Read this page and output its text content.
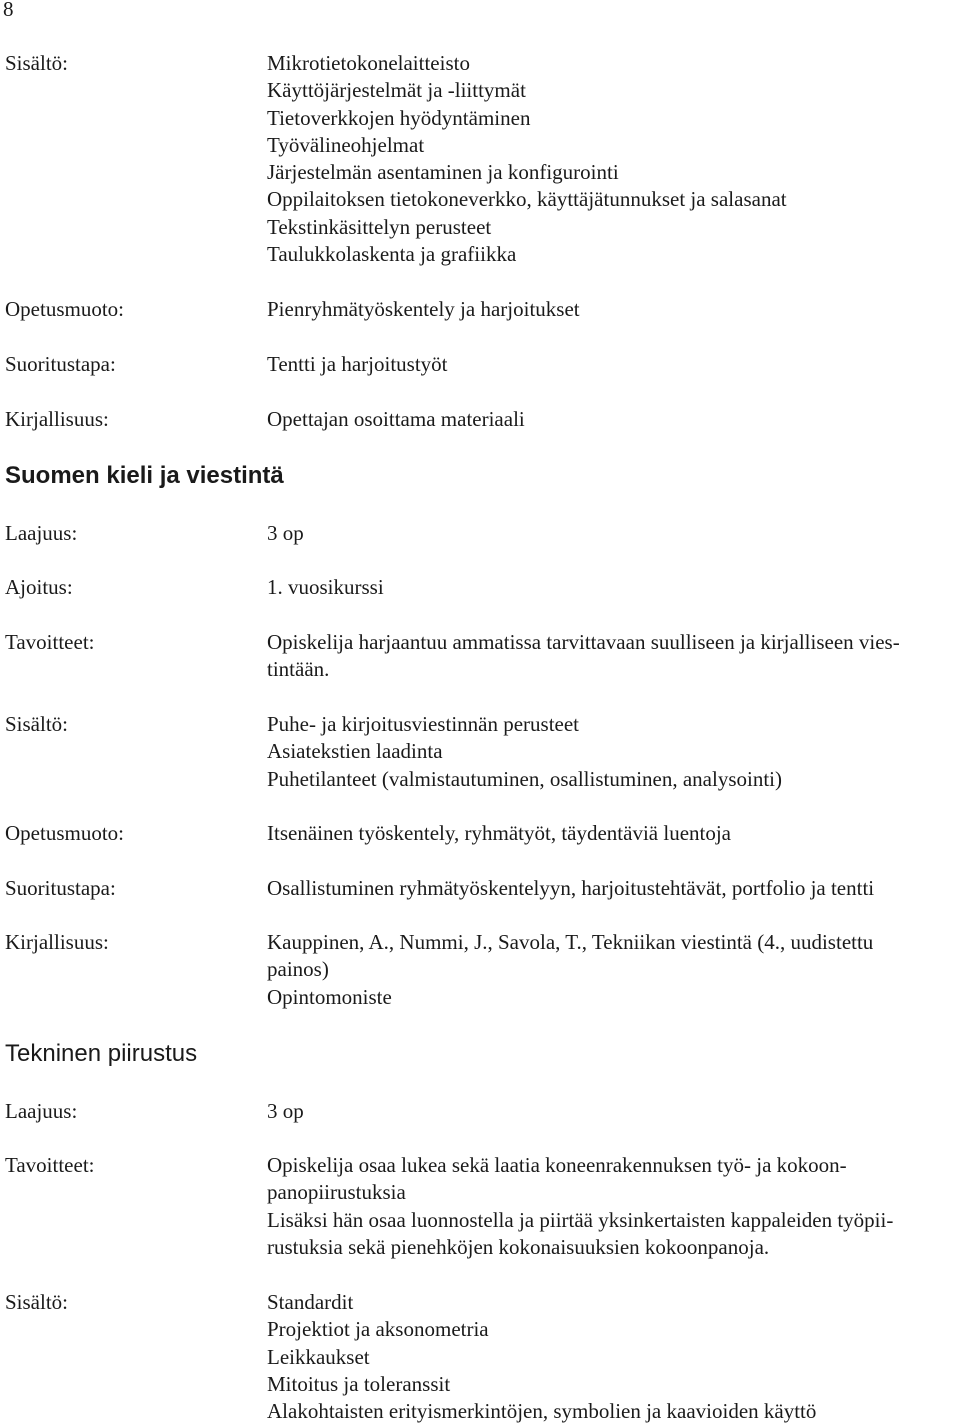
8
Sisältö:	Mikrotietokonelaitteisto
Käyttöjärjestelmät ja -liittymät
Tietoverkkojen hyödyntäminen
Työvälineohjelmat
Järjestelmän asentaminen ja konfigurointi
Oppilaitoksen tietokoneverkko, käyttäjätunnukset ja salasanat
Tekstinkäsittelyn perusteet
Taulukkolaskenta ja grafiikka
Opetusmuoto:	Pienryhmätyöskentely ja harjoitukset
Suoritustapa:	Tentti ja harjoitustyöt
Kirjallisuus:	Opettajan osoittama materiaali
Suomen kieli ja viestintä
Laajuus:	3 op
Ajoitus:	1. vuosikurssi
Tavoitteet:	Opiskelija harjaantuu ammatissa tarvittavaan suulliseen ja kirjalliseen vies-
tintään.
Sisältö:	Puhe- ja kirjoitusviestinnän perusteet
Asiatekstien laadinta
Puhetilanteet (valmistautuminen, osallistuminen, analysointi)
Opetusmuoto:	Itsenäinen työskentely, ryhmätyöt, täydentäviä luentoja
Suoritustapa:	Osallistuminen ryhmätyöskentelyyn, harjoitustehtävät, portfolio ja tentti
Kirjallisuus:	Kauppinen, A., Nummi, J., Savola, T., Tekniikan viestintä (4., uudistettu
painos)
Opintomoniste
Tekninen piirustus
Laajuus:	3 op
Tavoitteet:	Opiskelija osaa lukea sekä laatia koneenrakennuksen työ- ja kokoon-
panopiirustuksia
Lisäksi hän osaa luonnostella ja piirtää yksinkertaisten kappaleiden työpii-
rustuksia sekä pienehköjen kokonaisuuksien kokoonpanoja.
Sisältö:	Standardit
Projektiot ja aksonometria
Leikkaukset
Mitoitus ja toleranssit
Alakohtaisten erityismerkintöjen, symbolien ja kaavioiden käyttö
